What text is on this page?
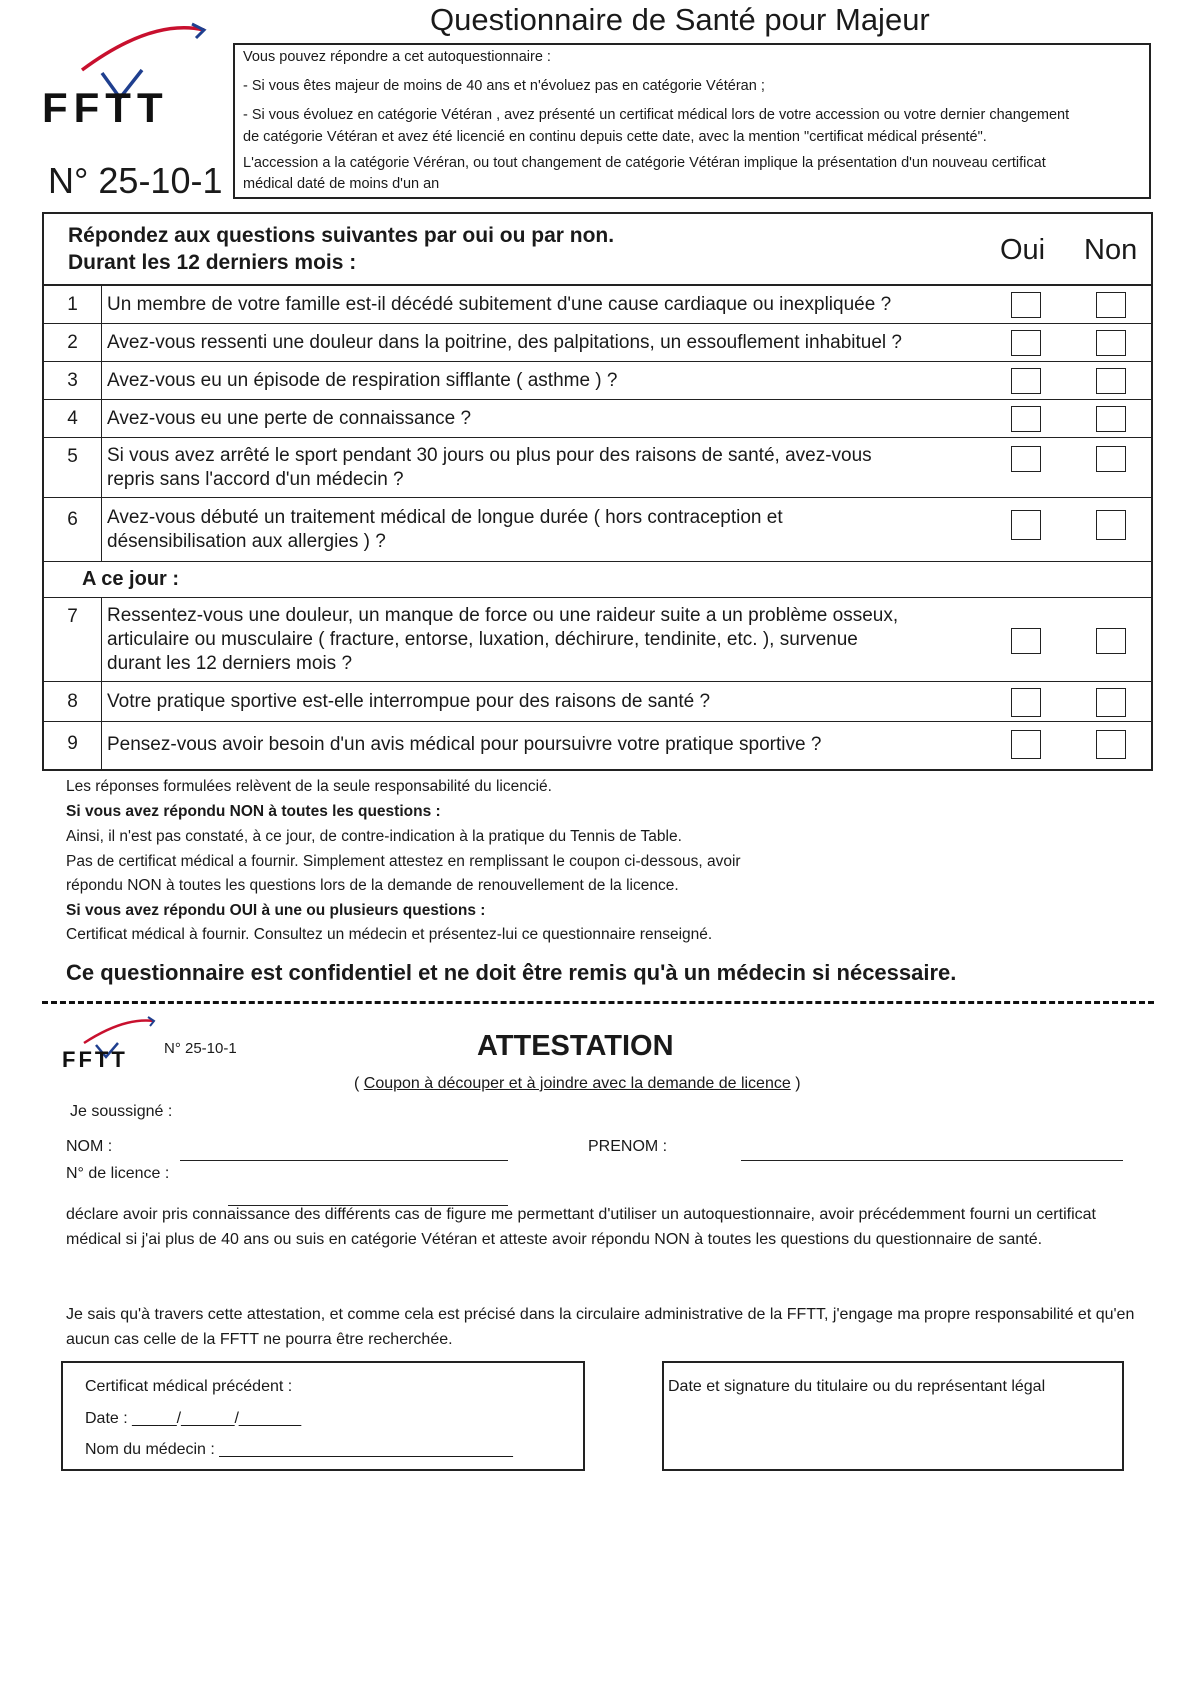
Questionnaire de Santé pour Majeur
FFTT
N° 25-10-1
Vous pouvez répondre a cet autoquestionnaire :
- Si vous êtes majeur de moins de 40 ans et n'évoluez pas en catégorie Vétéran ;
- Si vous évoluez en catégorie Vétéran , avez présenté un certificat médical lors de votre accession ou votre dernier changement
de catégorie Vétéran et avez été licencié en continu depuis cette date, avec la mention "certificat médical présenté".
L'accession a la catégorie Véréran, ou tout changement de catégorie Vétéran implique la présentation d'un nouveau certificat
médical daté de moins d'un an
Répondez aux questions suivantes par oui ou par non.
Durant les 12 derniers mois :	Oui Non
1	Un membre de votre famille est-il décédé subitement d'une cause cardiaque ou inexpliquée ?
2	Avez-vous ressenti une douleur dans la poitrine, des palpitations, un essouflement inhabituel ?
3	Avez-vous eu un épisode de respiration sifflante ( asthme ) ?
4	Avez-vous eu une perte de connaissance ?
5	Si vous avez arrêté le sport pendant 30 jours ou plus pour des raisons de santé, avez-vous
repris sans l'accord d'un médecin ?
6	Avez-vous débuté un traitement médical de longue durée ( hors contraception et
désensibilisation aux allergies ) ?
A ce jour :
7	Ressentez-vous une douleur, un manque de force ou une raideur suite a un problème osseux,
articulaire ou musculaire ( fracture, entorse, luxation, déchirure, tendinite, etc. ), survenue
durant les 12 derniers mois ?
8	Votre pratique sportive est-elle interrompue pour des raisons de santé ?
9	Pensez-vous avoir besoin d'un avis médical pour poursuivre votre pratique sportive ?
Les réponses formulées relèvent de la seule responsabilité du licencié.
Si vous avez répondu NON à toutes les questions :
Ainsi, il n'est pas constaté, à ce jour, de contre-indication à la pratique du Tennis de Table.
Pas de certificat médical a fournir. Simplement attestez en remplissant le coupon ci-dessous, avoir
répondu NON à toutes les questions lors de la demande de renouvellement de la licence.
Si vous avez répondu OUI à une ou plusieurs questions :
Certificat médical à fournir. Consultez un médecin et présentez-lui ce questionnaire renseigné.
Ce questionnaire est confidentiel et ne doit être remis qu'à un médecin si nécessaire.
FFTT N° 25-10-1	ATTESTATION
( Coupon à découper et à joindre avec la demande de licence )
Je soussigné :
NOM :	PRENOM :
N° de licence :
déclare avoir pris connaissance des différents cas de figure me permettant d'utiliser un autoquestionnaire, avoir précédemment fourni un certificat médical si j'ai plus de 40 ans ou suis en catégorie Vétéran et atteste avoir répondu NON à toutes les questions du questionnaire de santé.
Je sais qu'à travers cette attestation, et comme cela est précisé dans la circulaire administrative de la FFTT, j'engage ma propre responsabilité et qu'en aucun cas celle de la FFTT ne pourra être recherchée.
Certificat médical précédent :
Date : _____/______/_______
Nom du médecin : _________________________________
Date et signature du titulaire ou du représentant légal
